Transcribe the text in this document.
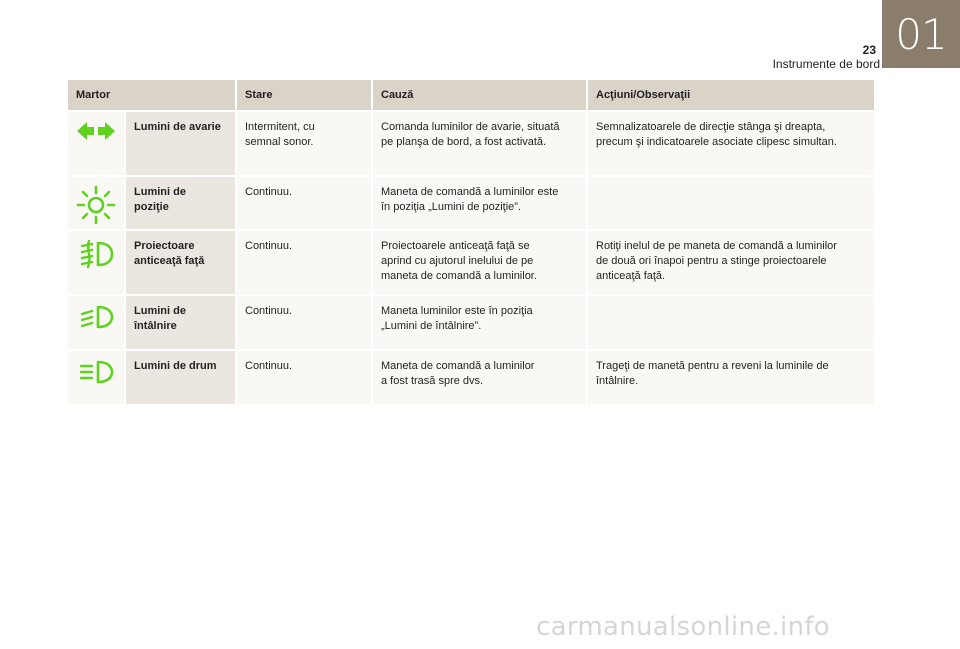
01
23
Instrumente de bord
Martor		Stare	Cauză	Acţiuni/Observaţii

	Lumini de avarie	Intermitent, cu
semnal sonor.	Comanda luminilor de avarie, situată
pe planşa de bord, a fost activată.	Semnalizatoarele de direcţie stânga şi dreapta,
precum şi indicatoarele asociate clipesc simultan.

	Lumini de
poziţie	Continuu.	Maneta de comandă a luminilor este
în poziţia „Lumini de poziţie”.	

	Proiectoare
anticeaţă faţă	Continuu.	Proiectoarele anticeaţă faţă se
aprind cu ajutorul inelului de pe
maneta de comandă a luminilor.	Rotiţi inelul de pe maneta de comandă a luminilor
de două ori înapoi pentru a stinge proiectoarele
anticeaţă faţă.

	Lumini de
întâlnire	Continuu.	Maneta luminilor este în poziţia
„Lumini de întâlnire”.	

	Lumini de drum	Continuu.	Maneta de comandă a luminilor
a fost trasă spre dvs.	Trageţi de manetă pentru a reveni la luminile de
întâlnire.
carmanualsonline.info
